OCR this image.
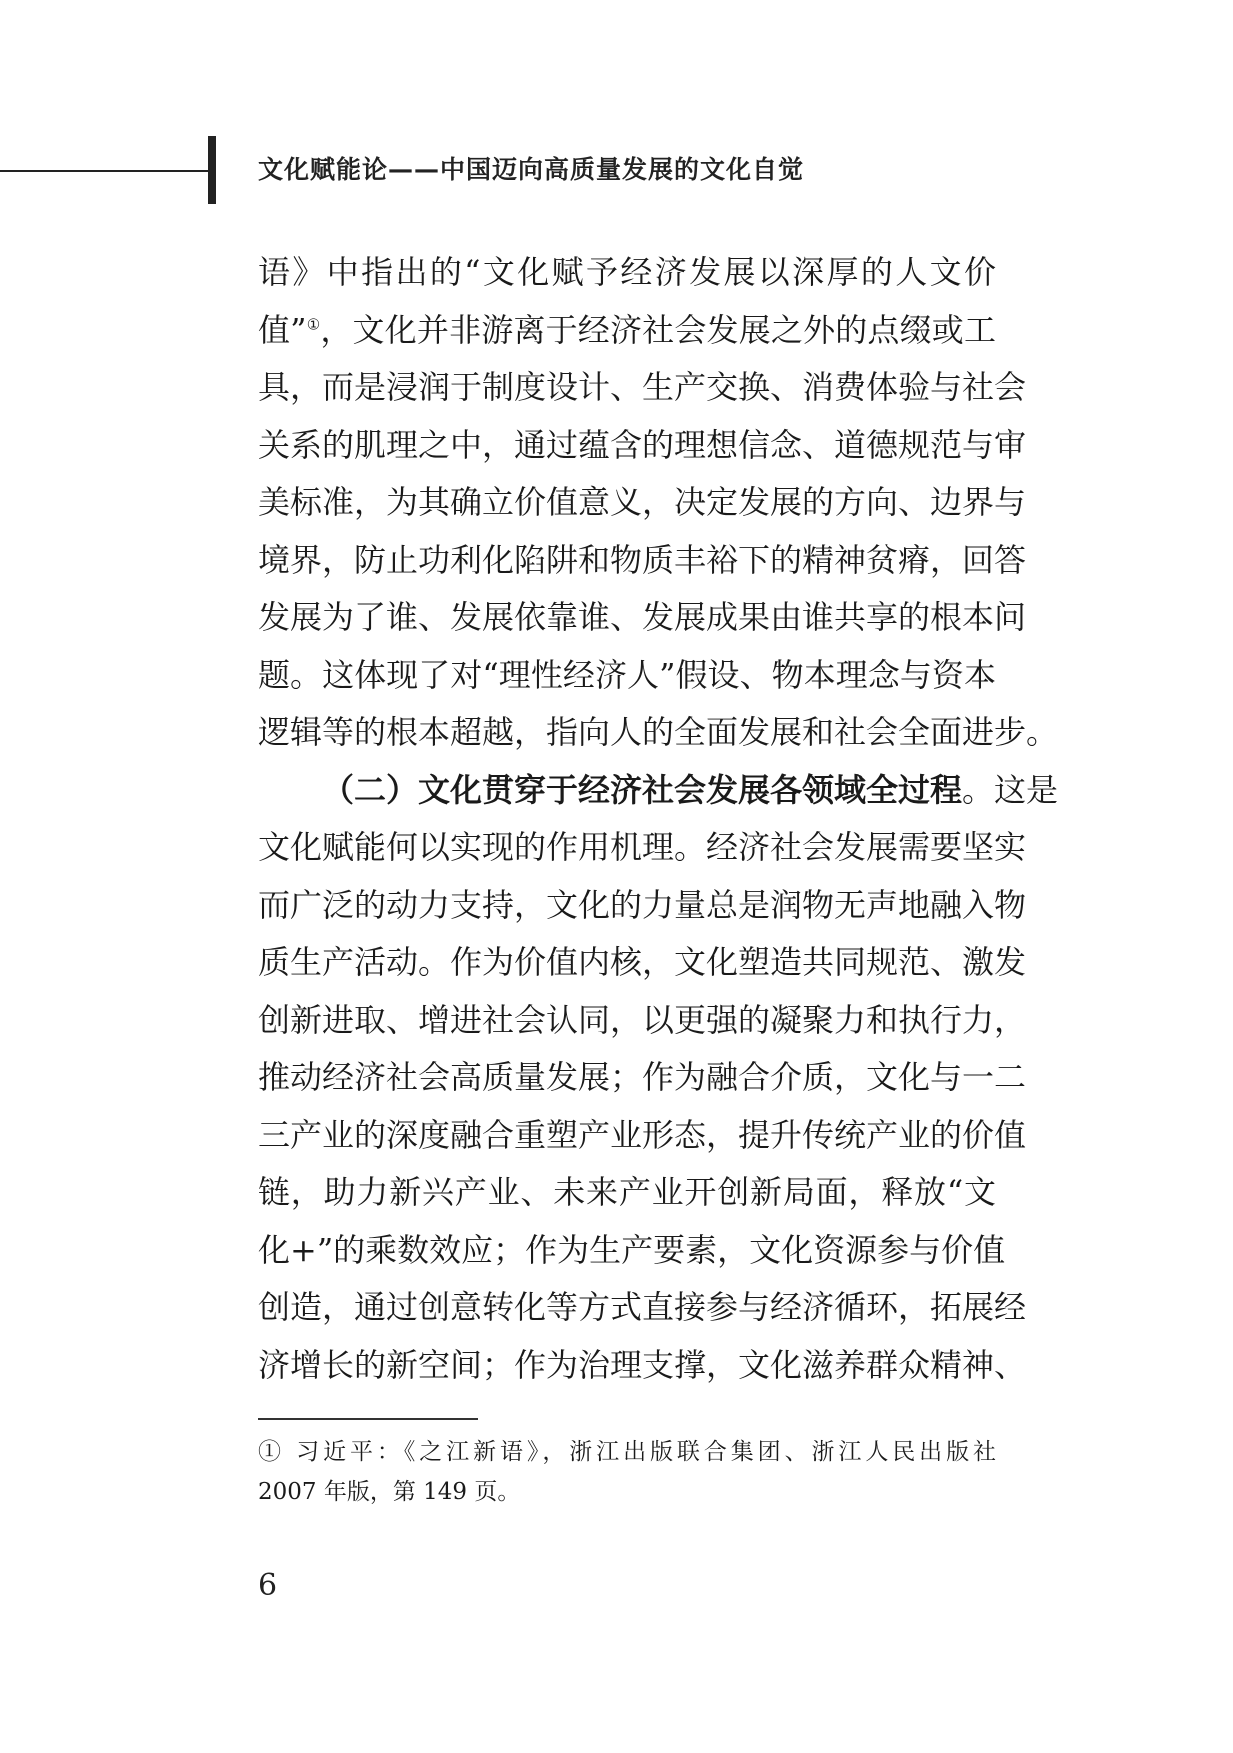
文化赋能论——中国迈向高质量发展的文化自觉
语》中指出的“文化赋予经济发展以深厚的人文价
值”①，文化并非游离于经济社会发展之外的点缀或工
具，而是浸润于制度设计、生产交换、消费体验与社会
关系的肌理之中，通过蕴含的理想信念、道德规范与审
美标准，为其确立价值意义，决定发展的方向、边界与
境界，防止功利化陷阱和物质丰裕下的精神贫瘠，回答
发展为了谁、发展依靠谁、发展成果由谁共享的根本问
题。这体现了对“理性经济人”假设、物本理念与资本
逻辑等的根本超越，指向人的全面发展和社会全面进步。
（二）文化贯穿于经济社会发展各领域全过程。这是
文化赋能何以实现的作用机理。经济社会发展需要坚实
而广泛的动力支持，文化的力量总是润物无声地融入物
质生产活动。作为价值内核，文化塑造共同规范、激发
创新进取、增进社会认同，以更强的凝聚力和执行力，
推动经济社会高质量发展；作为融合介质，文化与一二
三产业的深度融合重塑产业形态，提升传统产业的价值
链，助力新兴产业、未来产业开创新局面，释放“文
化+”的乘数效应；作为生产要素，文化资源参与价值
创造，通过创意转化等方式直接参与经济循环，拓展经
济增长的新空间；作为治理支撑，文化滋养群众精神、
① 习近平：《之江新语》，浙江出版联合集团、浙江人民出版社
2007 年版，第 149 页。
6
